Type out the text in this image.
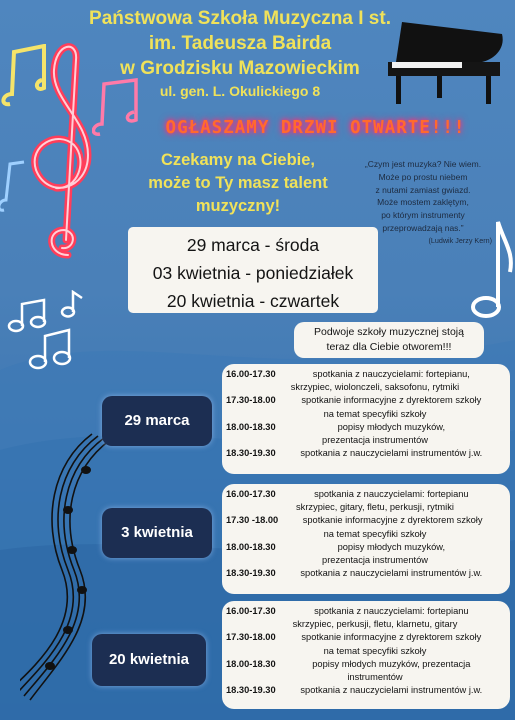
Państwowa Szkoła Muzyczna I st.
im. Tadeusza Bairda
w Grodzisku Mazowieckim
ul. gen. L. Okulickiego 8
OGŁASZAMY DRZWI OTWARTE!!!
Czekamy na Ciebie,
może to Ty masz talent
muzyczny!
„Czym jest muzyka? Nie wiem.
Może po prostu niebem
z nutami zamiast gwiazd.
Może mostem zaklętym,
po którym instrumenty
przeprowadzają nas.”
(Ludwik Jerzy Kern)
29 marca - środa
03 kwietnia - poniedziałek
20 kwietnia - czwartek
Podwoje szkoły muzycznej stoją
teraz dla Ciebie otworem!!!
29 marca
16.00-17.30	spotkania z nauczycielami: fortepianu,
skrzypiec, wiolonczeli, saksofonu, rytmiki
17.30-18.00	spotkanie informacyjne z dyrektorem szkoły
na temat specyfiki szkoły
18.00-18.30	popisy młodych muzyków,
prezentacja instrumentów
18.30-19.30	spotkania z nauczycielami instrumentów j.w.
3 kwietnia
16.00-17.30	spotkania z nauczycielami: fortepianu
skrzypiec, gitary, fletu, perkusji, rytmiki
17.30 -18.00	spotkanie informacyjne z dyrektorem szkoły
na temat specyfiki szkoły
18.00-18.30	popisy młodych muzyków,
prezentacja instrumentów
18.30-19.30	spotkania z nauczycielami instrumentów j.w.
20 kwietnia
16.00-17.30	spotkania z nauczycielami: fortepianu
skrzypiec, perkusji, fletu, klarnetu, gitary
17.30-18.00	spotkanie informacyjne z dyrektorem szkoły
na temat specyfiki szkoły
18.00-18.30	popisy młodych muzyków, prezentacja
instrumentów
18.30-19.30	spotkania z nauczycielami instrumentów j.w.
